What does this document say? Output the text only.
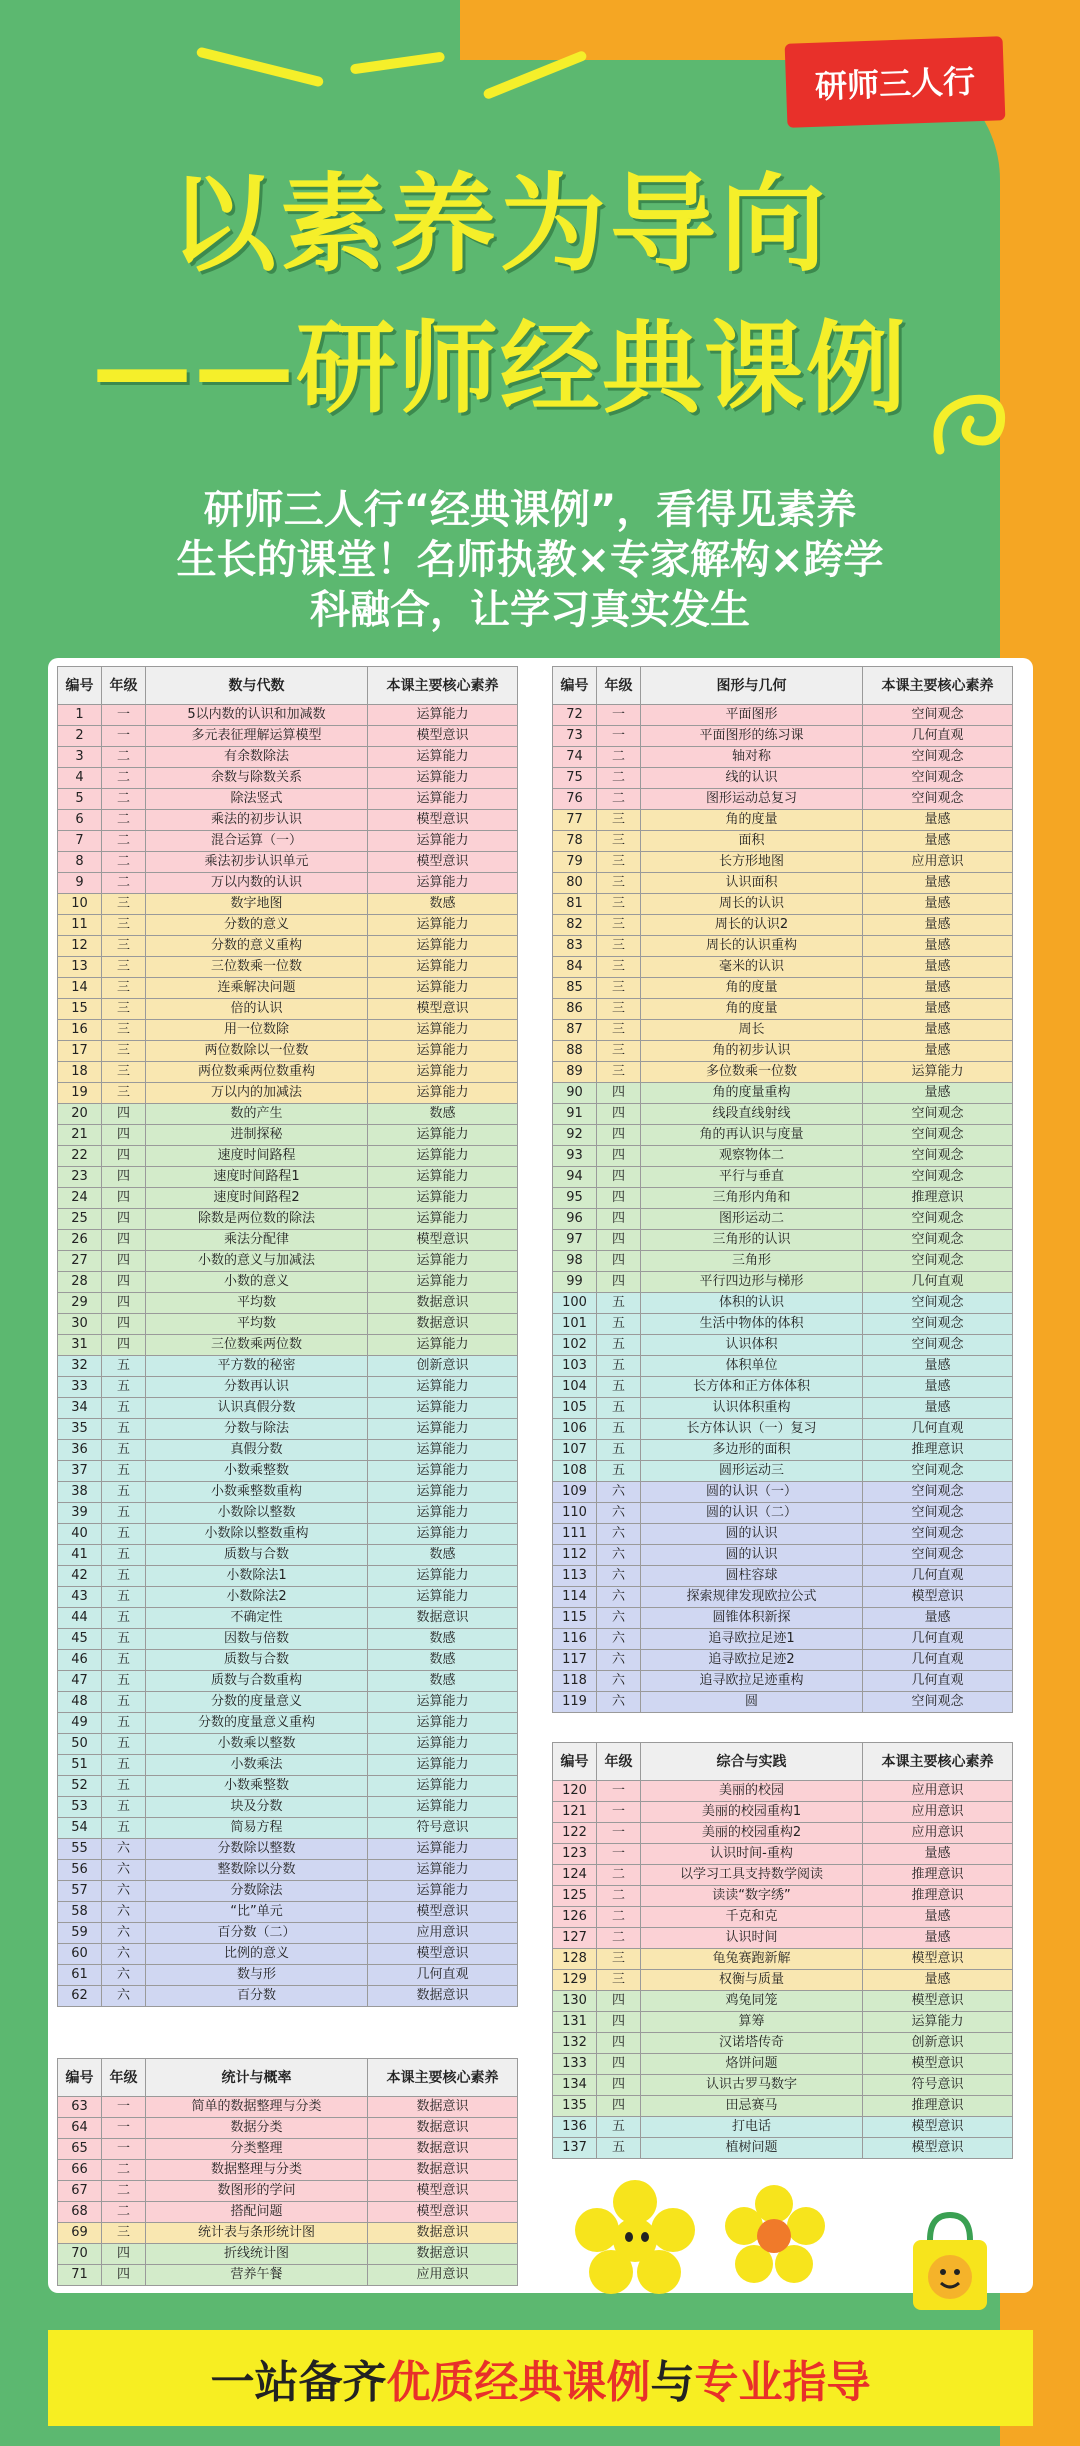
研师三人行
以素养为导向
——研师经典课例
研师三人行“经典课例”，看得见素养
生长的课堂！名师执教×专家解构×跨学
科融合，让学习真实发生
编号	年级	数与代数	本课主要核心素养
1	一	5以内数的认识和加减数	运算能力
2	一	多元表征理解运算模型	模型意识
3	二	有余数除法	运算能力
4	二	余数与除数关系	运算能力
5	二	除法竖式	运算能力
6	二	乘法的初步认识	模型意识
7	二	混合运算（一）	运算能力
8	二	乘法初步认识单元	模型意识
9	二	万以内数的认识	运算能力
10	三	数字地图	数感
11	三	分数的意义	运算能力
12	三	分数的意义重构	运算能力
13	三	三位数乘一位数	运算能力
14	三	连乘解决问题	运算能力
15	三	倍的认识	模型意识
16	三	用一位数除	运算能力
17	三	两位数除以一位数	运算能力
18	三	两位数乘两位数重构	运算能力
19	三	万以内的加减法	运算能力
20	四	数的产生	数感
21	四	进制探秘	运算能力
22	四	速度时间路程	运算能力
23	四	速度时间路程1	运算能力
24	四	速度时间路程2	运算能力
25	四	除数是两位数的除法	运算能力
26	四	乘法分配律	模型意识
27	四	小数的意义与加减法	运算能力
28	四	小数的意义	运算能力
29	四	平均数	数据意识
30	四	平均数	数据意识
31	四	三位数乘两位数	运算能力
32	五	平方数的秘密	创新意识
33	五	分数再认识	运算能力
34	五	认识真假分数	运算能力
35	五	分数与除法	运算能力
36	五	真假分数	运算能力
37	五	小数乘整数	运算能力
38	五	小数乘整数重构	运算能力
39	五	小数除以整数	运算能力
40	五	小数除以整数重构	运算能力
41	五	质数与合数	数感
42	五	小数除法1	运算能力
43	五	小数除法2	运算能力
44	五	不确定性	数据意识
45	五	因数与倍数	数感
46	五	质数与合数	数感
47	五	质数与合数重构	数感
48	五	分数的度量意义	运算能力
49	五	分数的度量意义重构	运算能力
50	五	小数乘以整数	运算能力
51	五	小数乘法	运算能力
52	五	小数乘整数	运算能力
53	五	块及分数	运算能力
54	五	简易方程	符号意识
55	六	分数除以整数	运算能力
56	六	整数除以分数	运算能力
57	六	分数除法	运算能力
58	六	“比”单元	模型意识
59	六	百分数（二）	应用意识
60	六	比例的意义	模型意识
61	六	数与形	几何直观
62	六	百分数	数据意识
编号	年级	统计与概率	本课主要核心素养
63	一	简单的数据整理与分类	数据意识
64	一	数据分类	数据意识
65	一	分类整理	数据意识
66	二	数据整理与分类	数据意识
67	二	数图形的学问	模型意识
68	二	搭配问题	模型意识
69	三	统计表与条形统计图	数据意识
70	四	折线统计图	数据意识
71	四	营养午餐	应用意识
编号	年级	图形与几何	本课主要核心素养
72	一	平面图形	空间观念
73	一	平面图形的练习课	几何直观
74	二	轴对称	空间观念
75	二	线的认识	空间观念
76	二	图形运动总复习	空间观念
77	三	角的度量	量感
78	三	面积	量感
79	三	长方形地图	应用意识
80	三	认识面积	量感
81	三	周长的认识	量感
82	三	周长的认识2	量感
83	三	周长的认识重构	量感
84	三	毫米的认识	量感
85	三	角的度量	量感
86	三	角的度量	量感
87	三	周长	量感
88	三	角的初步认识	量感
89	三	多位数乘一位数	运算能力
90	四	角的度量重构	量感
91	四	线段直线射线	空间观念
92	四	角的再认识与度量	空间观念
93	四	观察物体二	空间观念
94	四	平行与垂直	空间观念
95	四	三角形内角和	推理意识
96	四	图形运动二	空间观念
97	四	三角形的认识	空间观念
98	四	三角形	空间观念
99	四	平行四边形与梯形	几何直观
100	五	体积的认识	空间观念
101	五	生活中物体的体积	空间观念
102	五	认识体积	空间观念
103	五	体积单位	量感
104	五	长方体和正方体体积	量感
105	五	认识体积重构	量感
106	五	长方体认识（一）复习	几何直观
107	五	多边形的面积	推理意识
108	五	圆形运动三	空间观念
109	六	圆的认识（一）	空间观念
110	六	圆的认识（二）	空间观念
111	六	圆的认识	空间观念
112	六	圆的认识	空间观念
113	六	圆柱容球	几何直观
114	六	探索规律发现欧拉公式	模型意识
115	六	圆锥体积新探	量感
116	六	追寻欧拉足迹1	几何直观
117	六	追寻欧拉足迹2	几何直观
118	六	追寻欧拉足迹重构	几何直观
119	六	圆	空间观念
编号	年级	综合与实践	本课主要核心素养
120	一	美丽的校园	应用意识
121	一	美丽的校园重构1	应用意识
122	一	美丽的校园重构2	应用意识
123	一	认识时间-重构	量感
124	二	以学习工具支持数学阅读	推理意识
125	二	读读“数字绣”	推理意识
126	二	千克和克	量感
127	二	认识时间	量感
128	三	龟兔赛跑新解	模型意识
129	三	权衡与质量	量感
130	四	鸡兔同笼	模型意识
131	四	算筹	运算能力
132	四	汉诺塔传奇	创新意识
133	四	烙饼问题	模型意识
134	四	认识古罗马数字	符号意识
135	四	田忌赛马	推理意识
136	五	打电话	模型意识
137	五	植树问题	模型意识
一站备齐 优质经典课例 与 专业指导
